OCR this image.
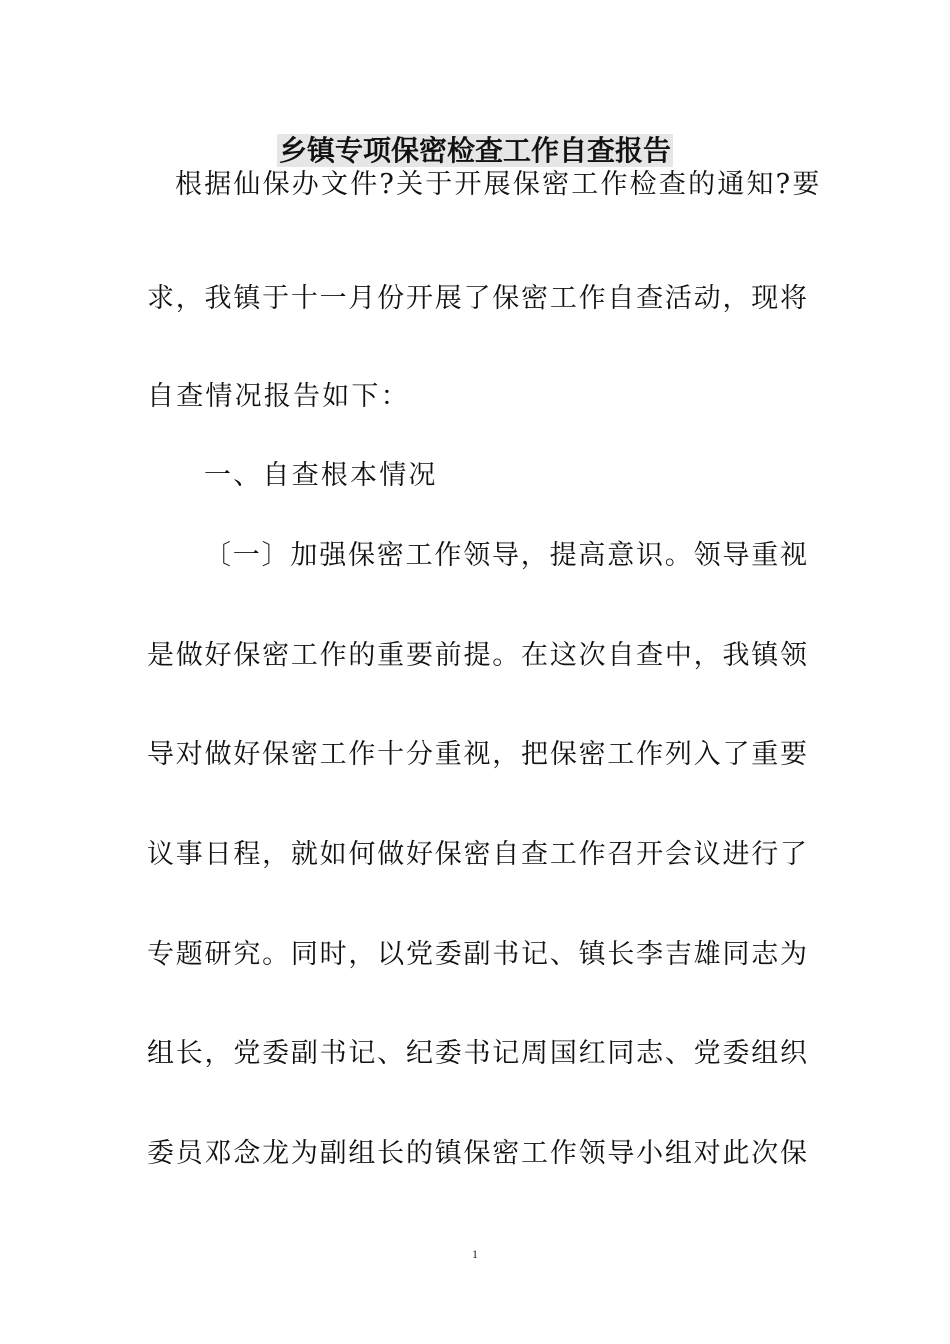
乡镇专项保密检查工作自查报告
根据仙保办文件?关于开展保密工作检查的通知?要
求，我镇于十一月份开展了保密工作自查活动，现将
自查情况报告如下：
一、自查根本情况
〔一〕加强保密工作领导，提高意识。领导重视
是做好保密工作的重要前提。在这次自查中，我镇领
导对做好保密工作十分重视，把保密工作列入了重要
议事日程，就如何做好保密自查工作召开会议进行了
专题研究。同时，以党委副书记、镇长李吉雄同志为
组长，党委副书记、纪委书记周国红同志、党委组织
委员邓念龙为副组长的镇保密工作领导小组对此次保
1
